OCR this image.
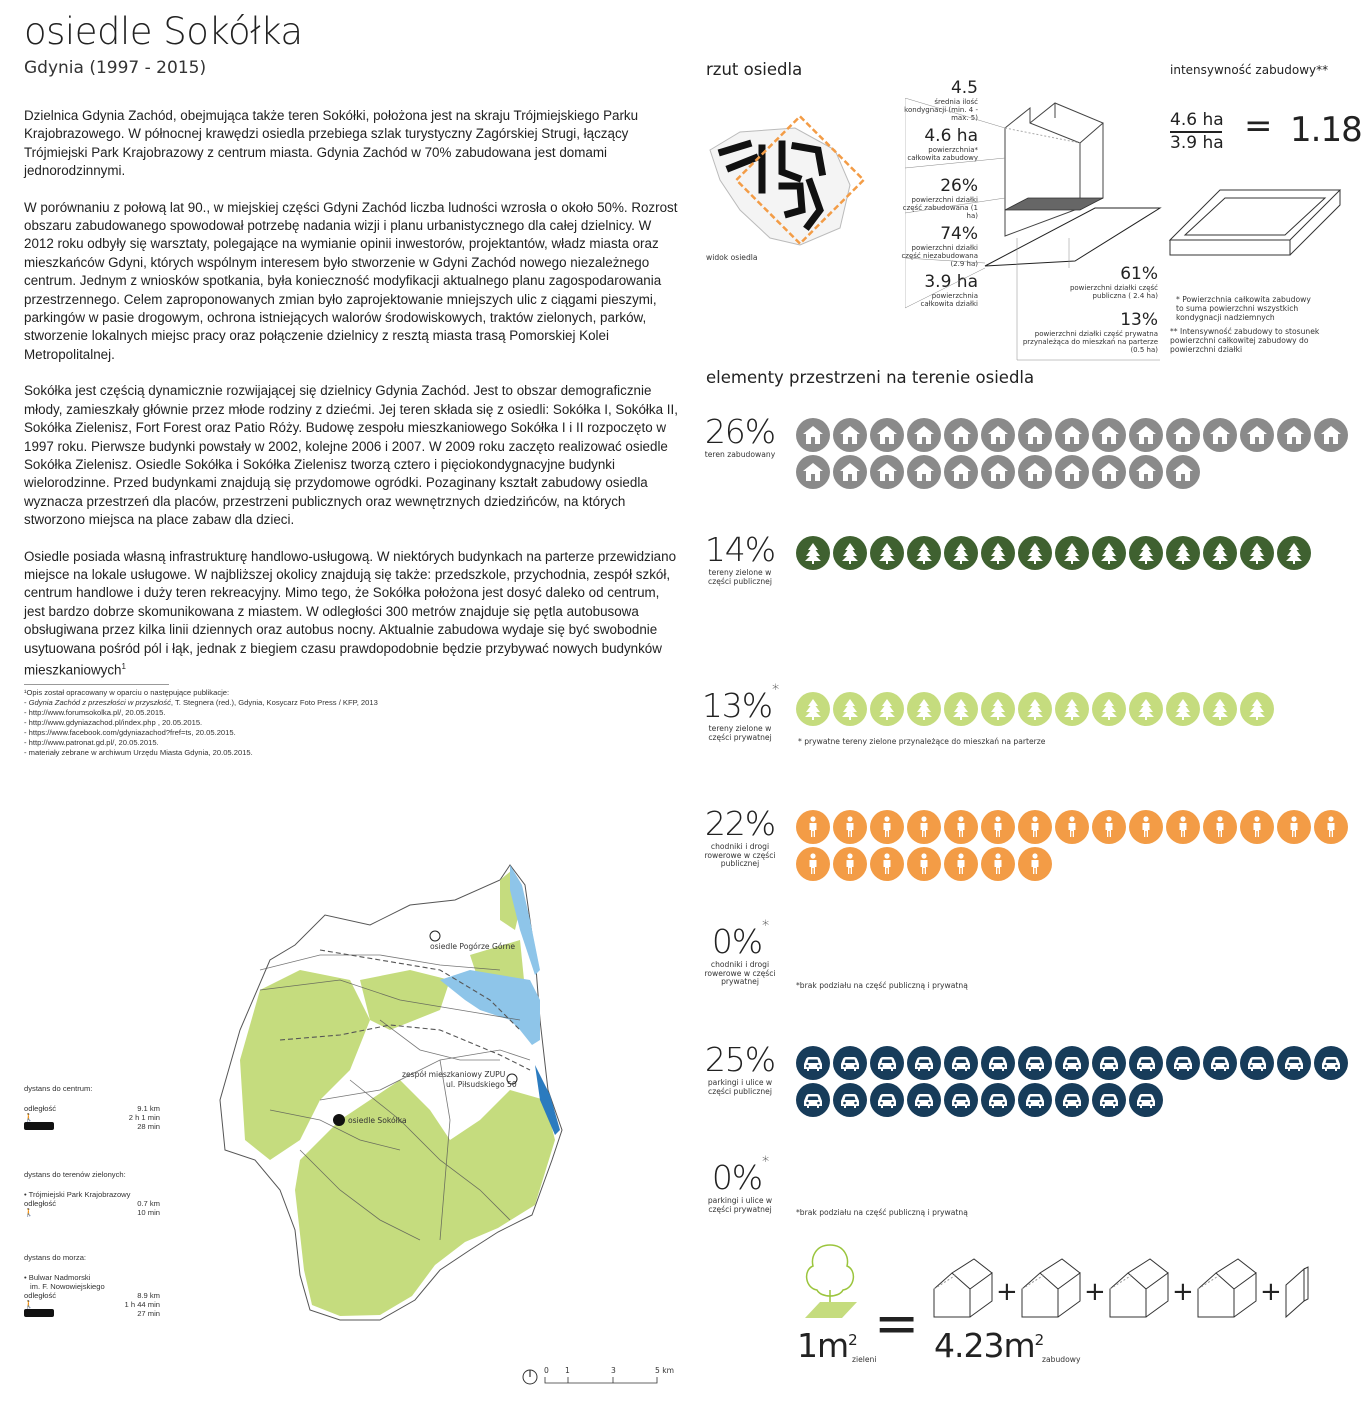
osiedle Sokółka
Gdynia (1997 - 2015)

Dzielnica Gdynia Zachód, obejmująca także teren Sokółki, położona jest na skraju Trójmiejskiego Parku Krajobrazowego. W północnej krawędzi osiedla przebiega szlak turystyczny Zagórskiej Strugi, łączący Trójmiejski Park Krajobrazowy z centrum miasta. Gdynia Zachód w 70% zabudowana jest domami jednorodzinnymi.

W porównaniu z połową lat 90., w miejskiej części Gdyni Zachód liczba ludności wzrosła o około 50%. Rozrost obszaru zabudowanego spowodował potrzebę nadania wizji i planu urbanistycznego dla całej dzielnicy. W 2012 roku odbyły się warsztaty, polegające na wymianie opinii inwestorów, projektantów, władz miasta oraz mieszkańców Gdyni, których wspólnym interesem było stworzenie w Gdyni Zachód nowego niezależnego centrum. Jednym z wniosków spotkania, była konieczność modyfikacji aktualnego planu zagospodarowania przestrzennego. Celem zaproponowanych zmian było zaprojektowanie mniejszych ulic z ciągami pieszymi, parkingów w pasie drogowym, ochrona istniejących walorów środowiskowych, traktów zielonych, parków, stworzenie lokalnych miejsc pracy oraz połączenie dzielnicy z resztą miasta trasą Pomorskiej Kolei Metropolitalnej.

Sokółka jest częścią dynamicznie rozwijającej się dzielnicy Gdynia Zachód. Jest to obszar demograficznie młody, zamieszkały głównie przez młode rodziny z dziećmi. Jej teren składa się z osiedli: Sokółka I, Sokółka II, Sokółka Zielenisz, Fort Forest oraz Patio Róży. Budowę zespołu mieszkaniowego Sokółka I i II rozpoczęto w 1997 roku. Pierwsze budynki powstały w 2002, kolejne 2006 i 2007. W 2009 roku zaczęto realizować osiedle Sokółka Zielenisz. Osiedle Sokółka i Sokółka Zielenisz tworzą cztero i pięciokondygnacyjne budynki wielorodzinne. Przed budynkami znajdują się przydomowe ogródki. Pozaginany kształt zabudowy osiedla wyznacza przestrzeń dla placów, przestrzeni publicznych oraz wewnętrznych dziedzińców, na których stworzono miejsca na place zabaw dla dzieci.

Osiedle posiada własną infrastrukturę handlowo-usługową. W niektórych budynkach na parterze przewidziano miejsce na lokale usługowe. W najbliższej okolicy znajdują się także: przedszkole, przychodnia, zespół szkół, centrum handlowe i duży teren rekreacyjny. Mimo tego, że Sokółka położona jest dosyć daleko od centrum, jest bardzo dobrze skomunikowana z miastem. W odległości 300 metrów znajduje się pętla autobusowa obsługiwana przez kilka linii dziennych oraz autobus nocny. Aktualnie zabudowa wydaje się być swobodnie usytuowana pośród pól i łąk, jednak z biegiem czasu prawdopodobnie będzie przybywać nowych budynków mieszkaniowych$^1$

¹Opis został opracowany w oparciu o następujące publikacje:
- Gdynia Zachód z przeszłości w przyszłość, T. Stegnera (red.), Gdynia, Kosycarz Foto Press / KFP, 2013
- http://www.forumsokolka.pl/, 20.05.2015.
- http://www.gdyniazachod.pl/index.php , 20.05.2015.
- https://www.facebook.com/gdyniazachod?fref=ts, 20.05.2015.
- http://www.patronat.gd.pl/, 20.05.2015.
- materiały zebrane w archiwum Urzędu Miasta Gdynia, 20.05.2015.
rzut osiedla
widok osiedla
4.5
średnia ilość kondygnacji (min. 4 - max. 5)
4.6 ha
powierzchnia* całkowita zabudowy
26%
powierzchni działki część zabudowana (1 ha)
74%
powierzchni działki część niezabudowana (2.9 ha)
3.9 ha
powierzchnia całkowita działki
61%
powierzchni działki część publiczna ( 2.4 ha)
13%
powierzchni działki część prywatna przynależąca do mieszkań na parterze (0.5 ha)
intensywność zabudowy**
4.6 ha
3.9 ha = 1.18
* Powierzchnia całkowita zabudowy to suma powierzchni wszystkich kondygnacji nadziemnych
** Intensywność zabudowy to stosunek powierzchni całkowitej zabudowy do powierzchni działki
elementy przestrzeni na terenie osiedla
26%
teren zabudowany
14%
tereny zielone w części publicznej
13%*
tereny zielone w części prywatnej	* prywatne tereny zielone przynależące do mieszkań na parterze
22%
chodniki i drogi rowerowe w części publicznej
0%*
chodniki i drogi rowerowe w części prywatnej	*brak podziału na część publiczną i prywatną
25%
parkingi i ulice w części publicznej
0%*
parkingi i ulice w części prywatnej	*brak podziału na część publiczną i prywatną
$1m^2$
zieleni
= $4.23m^2$
zabudowy
+	+	+	+
osiedle Pogórze Górne
zespół mieszkaniowy ZUPU
ul. Piłsudskiego 50
osiedle Sokółka
0 1	3	5 km
dystans do centrum:
odległość	9.1 km
🚶	2 h 1 min
28 min
dystans do terenów zielonych:
• Trójmiejski Park Krajobrazowy
odległość	0.7 km
🚶	10 min
dystans do morza:
• Bulwar Nadmorski
im. F. Nowowiejskiego
odległość	8.9 km
🚶	1 h 44 min
27 min
